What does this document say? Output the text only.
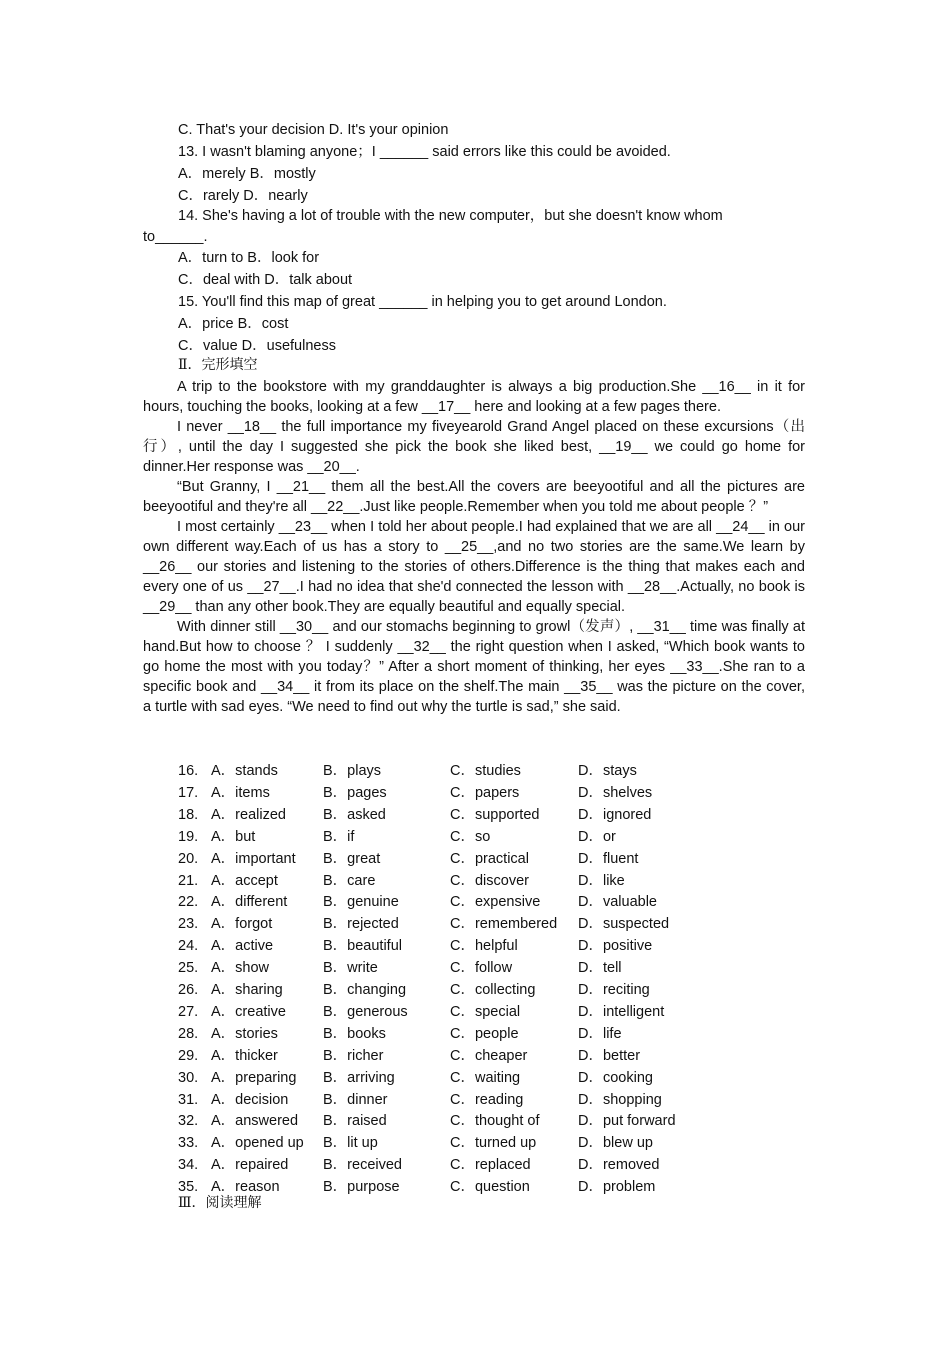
C. That's your decision D. It's your opinion
13. I wasn't blaming anyone；I ______ said errors like this could be avoided.
A．merely B．mostly
C．rarely D．nearly
14. She's having a lot of trouble with the new computer，but she doesn't know whom
to______.
A．turn to B．look for
C．deal with D．talk about
15. You'll find this map of great ______ in helping you to get around London.
A．price B．cost
C．value D．usefulness
Ⅱ．完形填空

A trip to the bookstore with my granddaughter is always a big production.She __16__ in it for hours, touching the books, looking at a few __17__ here and looking at a few pages there.

I never __18__ the full importance my fiveyearold Grand Angel placed on these excursions（出行）, until the day I suggested she pick the book she liked best, __19__ we could go home for dinner.Her response was __20__.

“But Granny, I __21__ them all the best.All the covers are beeyootiful and all the pictures are beeyootiful and they're all __22__.Just like people.Remember when you told me about people ？”

I most certainly __23__ when I told her about people.I had explained that we are all __24__ in our own different way.Each of us has a story to __25__,and no two stories are the same.We learn by __26__ our stories and listening to the stories of others.Difference is the thing that makes each and every one of us __27__.I had no idea that she'd connected the lesson with __28__.Actually, no book is __29__ than any other book.They are equally beautiful and equally special.

With dinner still __30__ and our stomachs beginning to growl（发声）, __31__ time was finally at hand.But how to choose ？ I suddenly __32__ the right question when I asked, “Which book wants to go home the most with you today？” After a short moment of thinking, her eyes __33__.She ran to a specific book and __34__ it from its place on the shelf.The main __35__ was the picture on the cover, a turtle with sad eyes. “We need to find out why the turtle is sad,” she said.

16. A．stands	B．plays	C．studies	D．stays
17. A．items	B．pages	C．papers	D．shelves
18. A．realized	B．asked	C．supported	D．ignored
19. A．but	B．if	C．so	D．or
20. A．important B．great	C．practical	D．fluent
21. A．accept	B．care	C．discover	D．like
22. A．different B．genuine	C．expensive	D．valuable
23. A．forgot	B．rejected	C．remembered D．suspected
24. A．active	B．beautiful	C．helpful	D．positive
25. A．show	B．write	C．follow	D．tell
26. A．sharing	B．changing	C．collecting	D．reciting
27. A．creative	B．generous	C．special	D．intelligent
28. A．stories	B．books	C．people	D．life
29. A．thicker	B．richer	C．cheaper	D．better
30. A．preparing B．arriving	C．waiting	D．cooking
31. A．decision B．dinner	C．reading	D．shopping
32. A．answered B．raised	C．thought of	D．put forward
33. A．opened up B．lit up	C．turned up	D．blew up
34. A．repaired B．received	C．replaced	D．removed
35. A．reason	B．purpose	C．question	D．problem
Ⅲ．阅读理解
